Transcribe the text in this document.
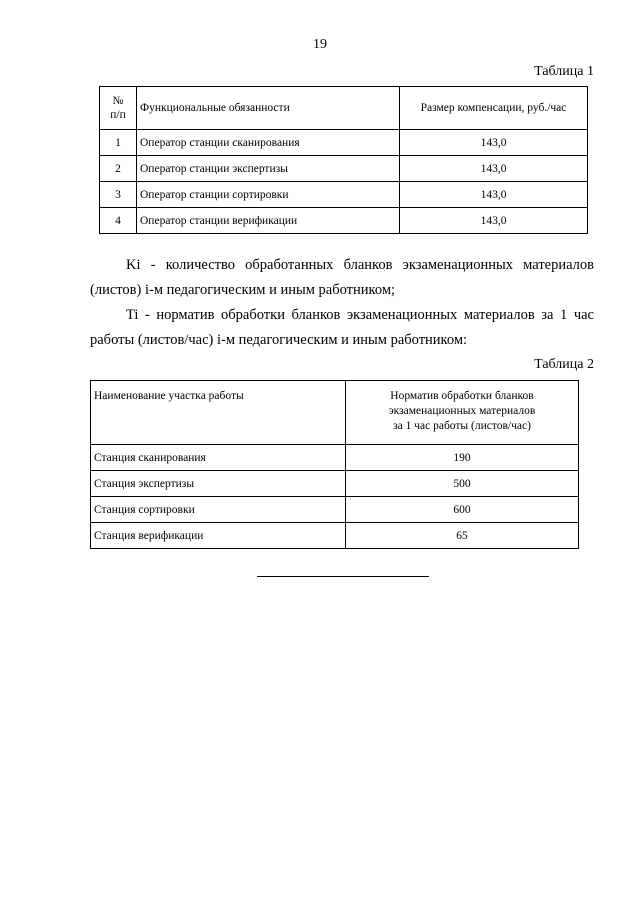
19
Таблица 1
№
п/п	Функциональные обязанности	Размер компенсации, руб./час
1	Оператор станции сканирования	143,0
2	Оператор станции экспертизы	143,0
3	Оператор станции сортировки	143,0
4	Оператор станции верификации	143,0
Ki - количество обработанных бланков экзаменационных материалов
(листов) i-м педагогическим и иным работником;
Ti - норматив обработки бланков экзаменационных материалов за 1 час
работы (листов/час) i-м педагогическим и иным работником:
Таблица 2
Наименование участка работы	Норматив обработки бланков
экзаменационных материалов
за 1 час работы (листов/час)
Станция сканирования	190
Станция экспертизы	500
Станция сортировки	600
Станция верификации	65
